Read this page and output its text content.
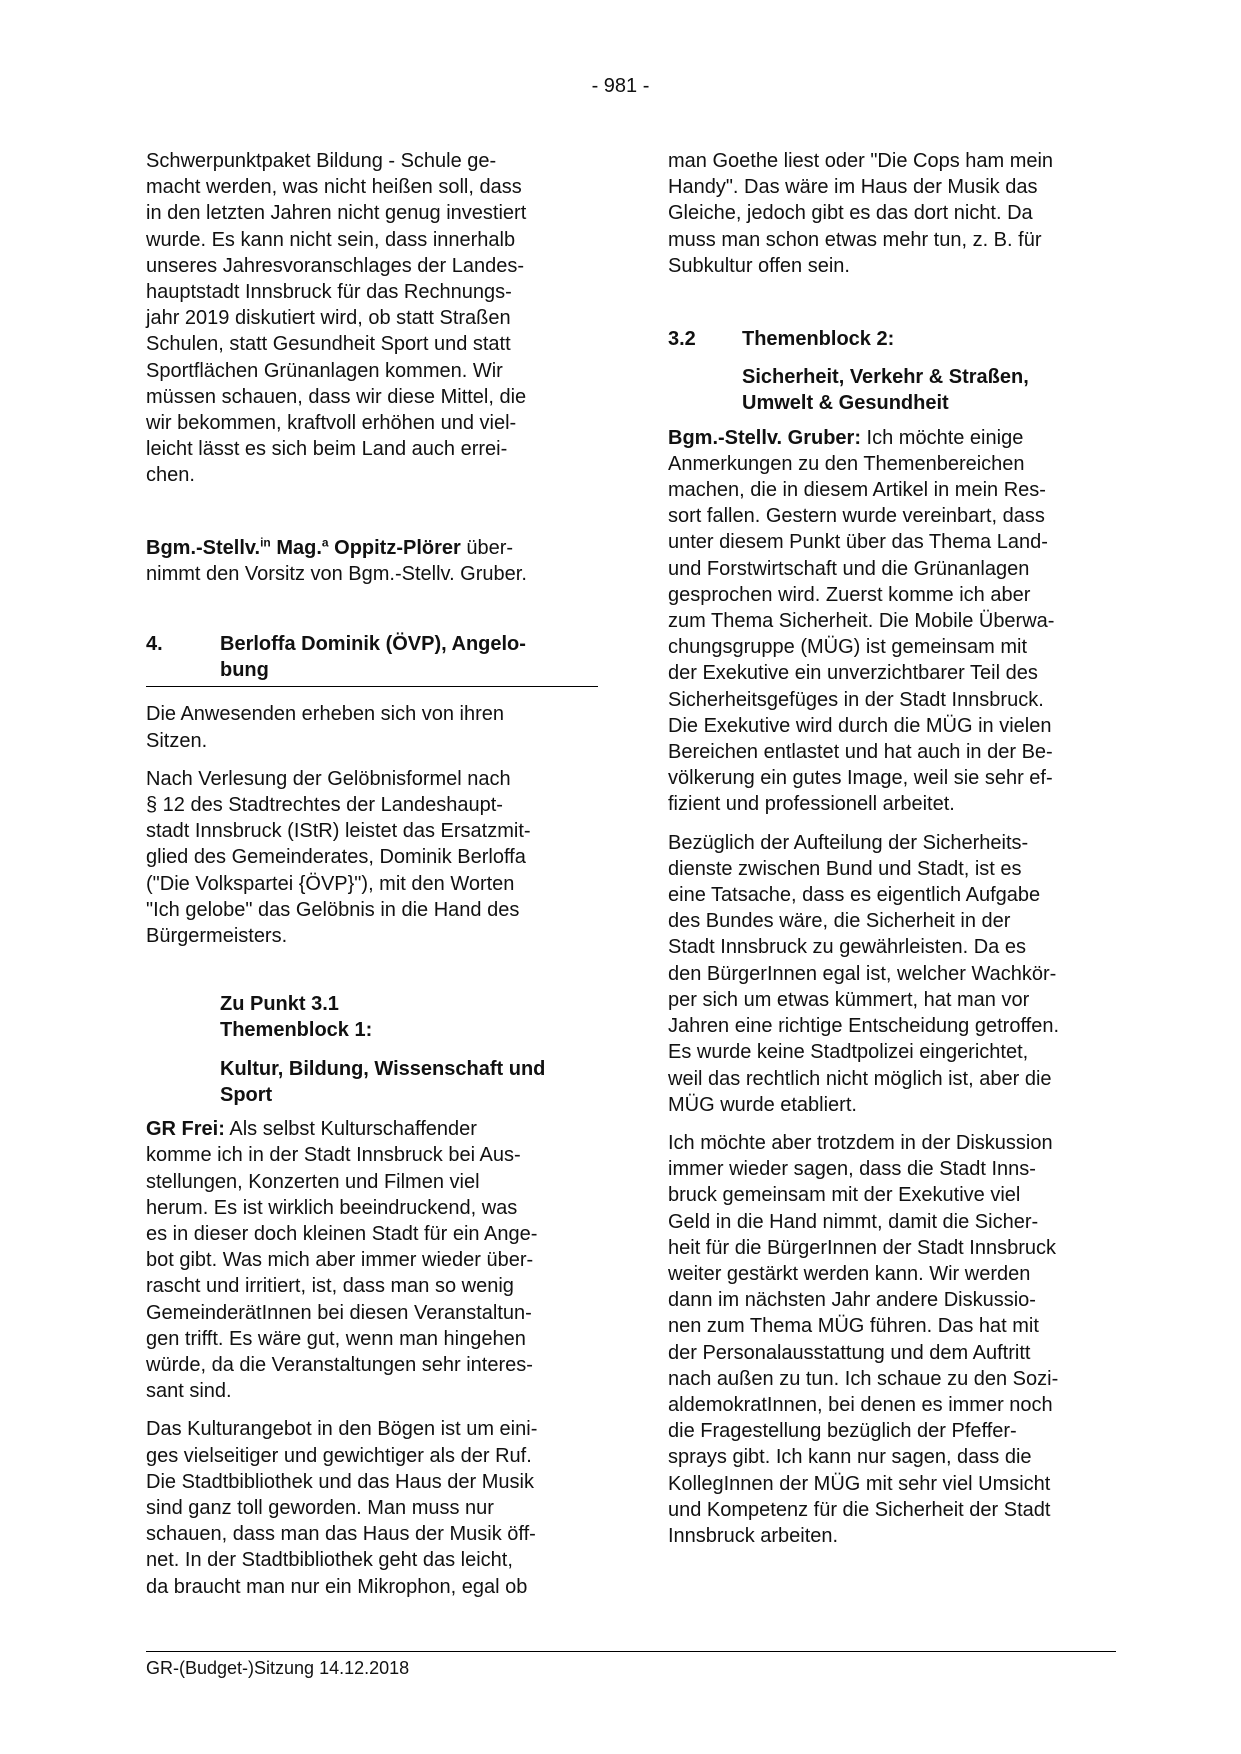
- 981 -
Schwerpunktpaket Bildung - Schule ge-
macht werden, was nicht heißen soll, dass
in den letzten Jahren nicht genug investiert
wurde. Es kann nicht sein, dass innerhalb
unseres Jahresvoranschlages der Landes-
hauptstadt Innsbruck für das Rechnungs-
jahr 2019 diskutiert wird, ob statt Straßen
Schulen, statt Gesundheit Sport und statt
Sportflächen Grünanlagen kommen. Wir
müssen schauen, dass wir diese Mittel, die
wir bekommen, kraftvoll erhöhen und viel-
leicht lässt es sich beim Land auch errei-
chen.
Bgm.-Stellv.$^{in}$ Mag.$^a$ Oppitz-Plörer über-
nimmt den Vorsitz von Bgm.-Stellv. Gruber.
4.	Berloffa Dominik (ÖVP), Angelo-
bung
Die Anwesenden erheben sich von ihren
Sitzen.
Nach Verlesung der Gelöbnisformel nach
§ 12 des Stadtrechtes der Landeshaupt-
stadt Innsbruck (IStR) leistet das Ersatzmit-
glied des Gemeinderates, Dominik Berloffa
("Die Volkspartei {ÖVP}"), mit den Worten
"Ich gelobe" das Gelöbnis in die Hand des
Bürgermeisters.
Zu Punkt 3.1
Themenblock 1:
Kultur, Bildung, Wissenschaft und
Sport
GR Frei: Als selbst Kulturschaffender
komme ich in der Stadt Innsbruck bei Aus-
stellungen, Konzerten und Filmen viel
herum. Es ist wirklich beeindruckend, was
es in dieser doch kleinen Stadt für ein Ange-
bot gibt. Was mich aber immer wieder über-
rascht und irritiert, ist, dass man so wenig
GemeinderätInnen bei diesen Veranstaltun-
gen trifft. Es wäre gut, wenn man hingehen
würde, da die Veranstaltungen sehr interes-
sant sind.
Das Kulturangebot in den Bögen ist um eini-
ges vielseitiger und gewichtiger als der Ruf.
Die Stadtbibliothek und das Haus der Musik
sind ganz toll geworden. Man muss nur
schauen, dass man das Haus der Musik öff-
net. In der Stadtbibliothek geht das leicht,
da braucht man nur ein Mikrophon, egal ob
man Goethe liest oder "Die Cops ham mein
Handy". Das wäre im Haus der Musik das
Gleiche, jedoch gibt es das dort nicht. Da
muss man schon etwas mehr tun, z. B. für
Subkultur offen sein.
3.2 Themenblock 2:
Sicherheit, Verkehr & Straßen,
Umwelt & Gesundheit
Bgm.-Stellv. Gruber: Ich möchte einige
Anmerkungen zu den Themenbereichen
machen, die in diesem Artikel in mein Res-
sort fallen. Gestern wurde vereinbart, dass
unter diesem Punkt über das Thema Land-
und Forstwirtschaft und die Grünanlagen
gesprochen wird. Zuerst komme ich aber
zum Thema Sicherheit. Die Mobile Überwa-
chungsgruppe (MÜG) ist gemeinsam mit
der Exekutive ein unverzichtbarer Teil des
Sicherheitsgefüges in der Stadt Innsbruck.
Die Exekutive wird durch die MÜG in vielen
Bereichen entlastet und hat auch in der Be-
völkerung ein gutes Image, weil sie sehr ef-
fizient und professionell arbeitet.
Bezüglich der Aufteilung der Sicherheits-
dienste zwischen Bund und Stadt, ist es
eine Tatsache, dass es eigentlich Aufgabe
des Bundes wäre, die Sicherheit in der
Stadt Innsbruck zu gewährleisten. Da es
den BürgerInnen egal ist, welcher Wachkör-
per sich um etwas kümmert, hat man vor
Jahren eine richtige Entscheidung getroffen.
Es wurde keine Stadtpolizei eingerichtet,
weil das rechtlich nicht möglich ist, aber die
MÜG wurde etabliert.
Ich möchte aber trotzdem in der Diskussion
immer wieder sagen, dass die Stadt Inns-
bruck gemeinsam mit der Exekutive viel
Geld in die Hand nimmt, damit die Sicher-
heit für die BürgerInnen der Stadt Innsbruck
weiter gestärkt werden kann. Wir werden
dann im nächsten Jahr andere Diskussio-
nen zum Thema MÜG führen. Das hat mit
der Personalausstattung und dem Auftritt
nach außen zu tun. Ich schaue zu den Sozi-
aldemokratInnen, bei denen es immer noch
die Fragestellung bezüglich der Pfeffer-
sprays gibt. Ich kann nur sagen, dass die
KollegInnen der MÜG mit sehr viel Umsicht
und Kompetenz für die Sicherheit der Stadt
Innsbruck arbeiten.
GR-(Budget-)Sitzung 14.12.2018
